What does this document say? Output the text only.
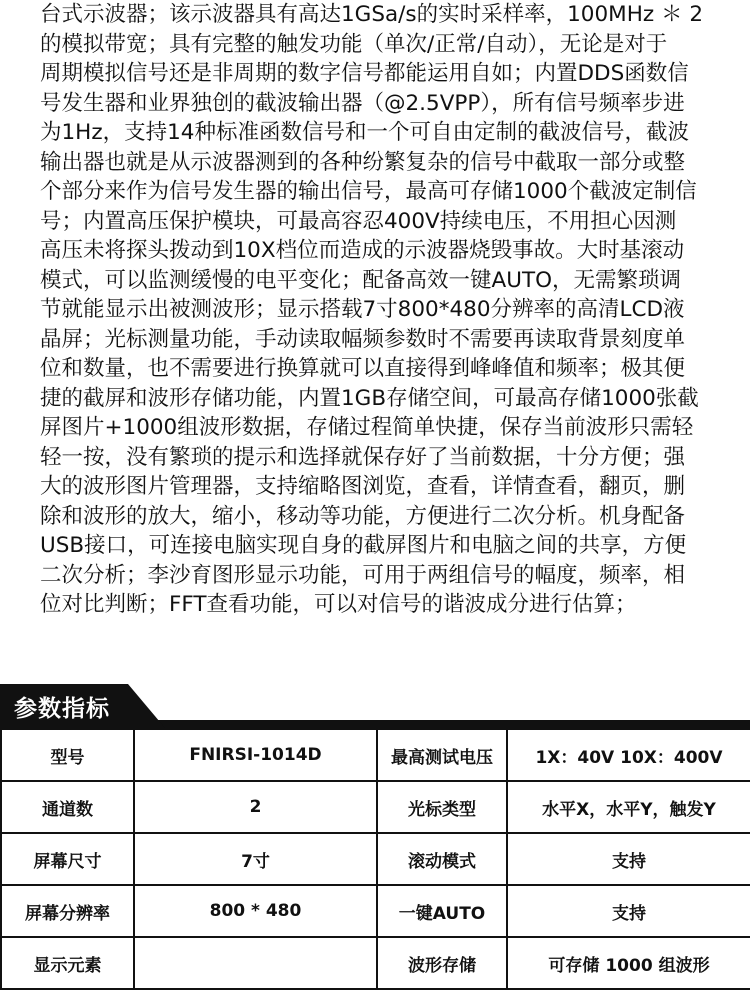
台式示波器；该示波器具有高达1GSa/s的实时采样率，100MHz ＊ 2

的模拟带宽；具有完整的触发功能（单次/正常/自动），无论是对于

周期模拟信号还是非周期的数字信号都能运用自如；内置DDS函数信

号发生器和业界独创的截波输出器（@2.5VPP），所有信号频率步进

为1Hz，支持14种标准函数信号和一个可自由定制的截波信号，截波

输出器也就是从示波器测到的各种纷繁复杂的信号中截取一部分或整

个部分来作为信号发生器的输出信号，最高可存储1000个截波定制信

号；内置高压保护模块，可最高容忍400V持续电压，不用担心因测

高压未将探头拨动到10X档位而造成的示波器烧毁事故。大时基滚动

模式，可以监测缓慢的电平变化；配备高效一键AUTO，无需繁琐调

节就能显示出被测波形；显示搭载7寸800*480分辨率的高清LCD液

晶屏；光标测量功能，手动读取幅频参数时不需要再读取背景刻度单

位和数量，也不需要进行换算就可以直接得到峰峰值和频率；极其便

捷的截屏和波形存储功能，内置1GB存储空间，可最高存储1000张截

屏图片+1000组波形数据，存储过程简单快捷，保存当前波形只需轻

轻一按，没有繁琐的提示和选择就保存好了当前数据，十分方便；强

大的波形图片管理器，支持缩略图浏览，查看，详情查看，翻页，删

除和波形的放大，缩小，移动等功能，方便进行二次分析。机身配备

USB接口，可连接电脑实现自身的截屏图片和电脑之间的共享，方便

二次分析；李沙育图形显示功能，可用于两组信号的幅度，频率，相

位对比判断；FFT查看功能，可以对信号的谐波成分进行估算；

参数指标
型号	FNIRSI-1014D	最高测试电压	1X：40V 10X：400V
通道数	2	光标类型	水平X，水平Y，触发Y
屏幕尺寸	7寸	滚动模式	支持
屏幕分辨率	800 * 480	一键AUTO	支持
显示元素		波形存储	可存储 1000 组波形
